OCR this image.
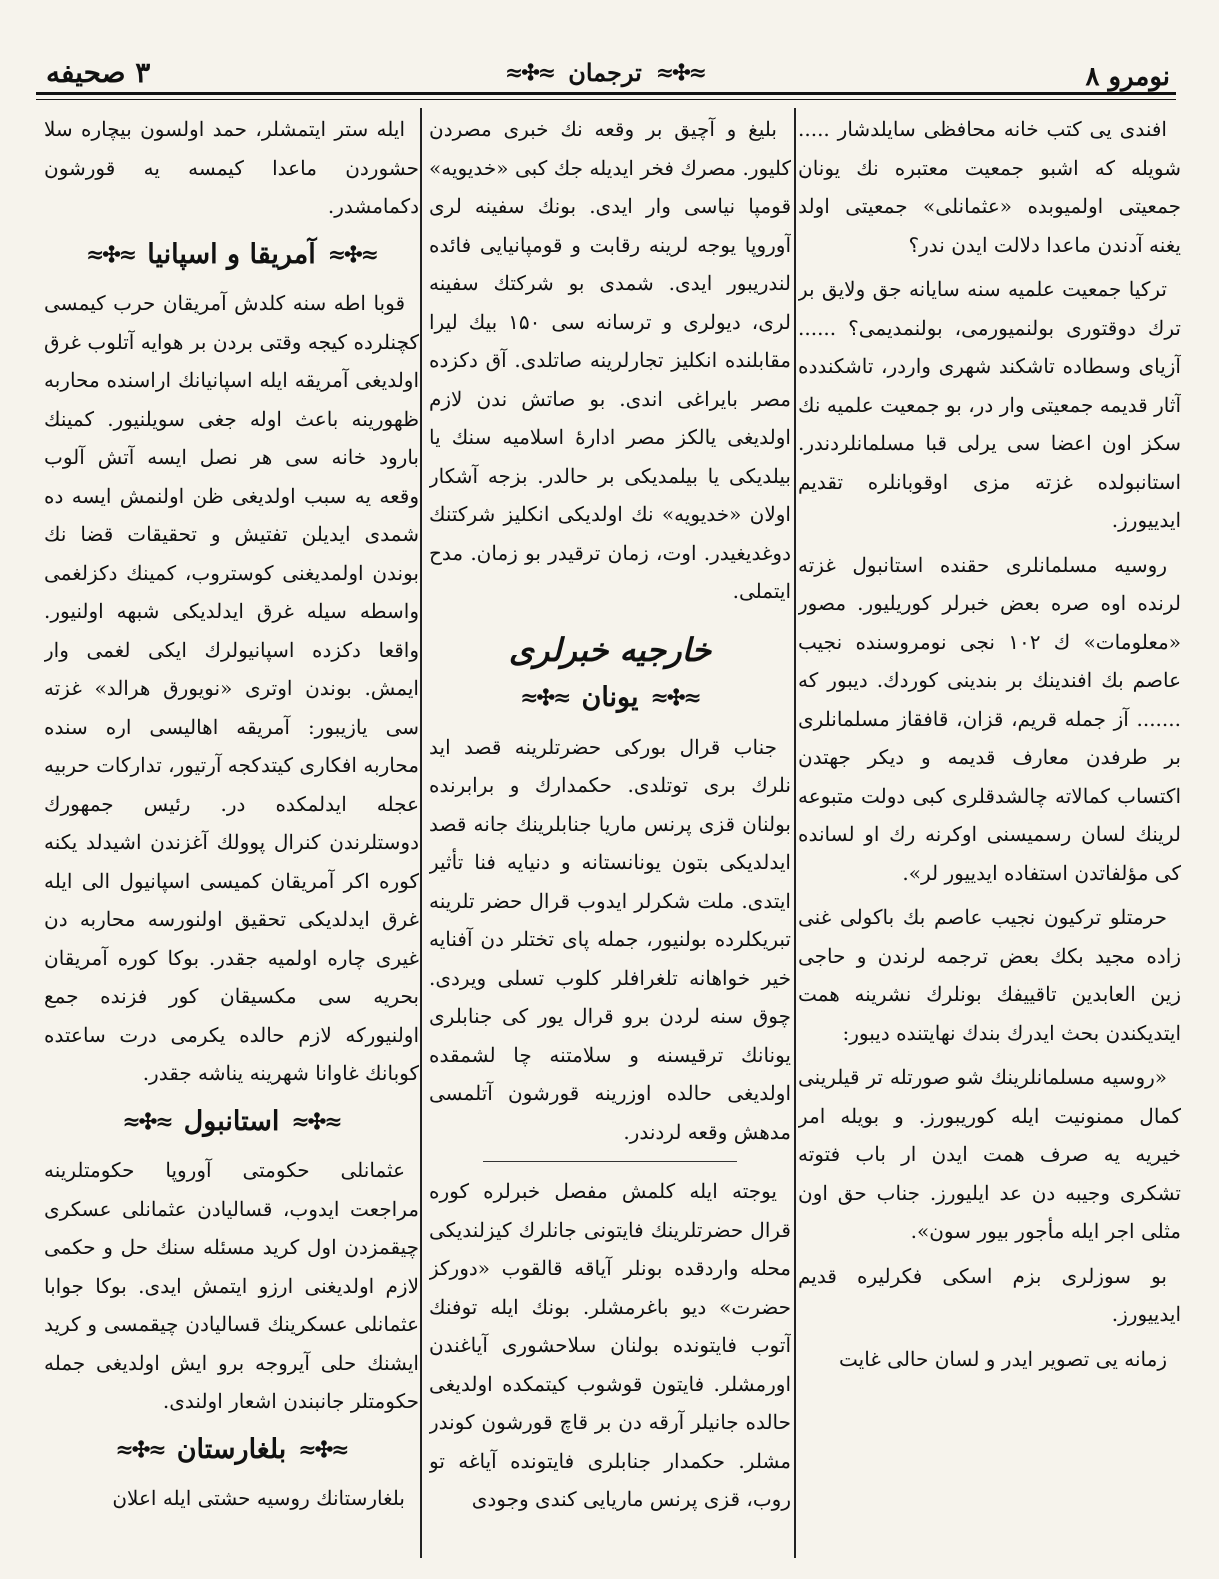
نومرو ۸
≈✣≈
ترجمان
≈✣≈
۳ صحيفه

افندی یی کتب خانه محافظی سایلدشار ..... شویله که اشبو جمعیت معتبره نك یونان جمعیتی اولمیوبده «عثمانلی» جمعیتی اولد یغنه آدندن ماعدا دلالت ایدن ندر؟

ترکیا جمعیت علمیه سنه سایانه جق ولایق بر ترك دوقتوری بولنمیورمی، بولنمد‌یمی؟ ...... آزیای وسطاده تاشکند شهری واردر، تاشکندده آثار قدیمه جمعیتی وار در، بو جمعیت علمیه نك سکز اون اعضا سی یرلی قبا مسلمانلردندر. استانبولده غزته مزی اوقوبانلره تقدیم ایدییورز.

روسیه مسلمانلری حقنده استانبول غزته لرنده اوه صره بعض خبرلر کوریلیور. مصور «معلومات» ك ۱۰۲ نجی نومروسنده نجیب عاصم بك افندینك بر بندینی کوردك. دیبور که ....... آز جمله قریم، قزان، قافقاز مسلمانلری بر طرفدن معارف قدیمه و دیکر جهتدن اکتساب کمالاته چالشدقلری کبی دولت متبوعه لرینك لسان رسمیسنی اوکرنه رك او لسانده کی مؤلفاتدن استفاده ایدییور لر».

حرمتلو ترکیون نجیب عاصم بك باکولی غنی زاده مجید بکك بعض ترجمه لرندن و حاجی زین العابدین تاقییفك بونلرك نشرینه همت ایتدیکندن بحث ایدرك بندك نهایتنده دیبور:

«روسیه مسلمانلرینك شو صورتله تر قیلرینی کمال ممنونیت ایله کوریبورز. و بویله امر خیریه یه صرف همت ایدن ار باب فتوته تشکری وجیبه دن عد ایلیورز. جناب حق اون مثلی اجر ایله مأجور بیور سون».

بو سوزلری بزم اسکی فکرلیره قدیم ایدییورز.

زمانه یی تصویر ایدر و لسان حالی غایت

بلیغ و آچیق بر وقعه نك خبری مصردن کلیور. مصرك فخر ایدیله جك کبی «خدیویه» قومپا نیاسی وار ایدی. بونك سفینه لری آوروپا یوجه لرینه رقابت و قومپانیایی فائده لندریبور ایدی. شمدی بو شرکتك سفینه لری، دیولری و ترسانه سی ۱۵۰ بیك لیرا مقابلنده انکلیز تجارلرینه صاتلدی. آق دکزده مصر بایراغی اندی. بو صاتش ندن لازم اولدیغی یالکز مصر ادارهٔ اسلامیه سنك یا بیلدیکی یا بیلمدیکی بر حالدر. بزجه آشکار اولان «خدیویه» نك اولدیکی انکلیز شرکتنك دوغدیغیدر. اوت، زمان ترقیدر بو زمان. مدح ایتملی.

خارجیه خبرلری
≈✣≈
یونان
≈✣≈

جناب قرال بورکی حضرتلرینه قصد اید نلرك بری توتلدی. حکمدارك و برابرنده بولنان قزی پرنس ماریا جنابلرینك جانه قصد ایدلدیکی بتون یونانستانه و دنیایه فنا تأثیر ایتدی. ملت شکرلر ایدوب قرال حضر تلرینه تبریکلرده بولنیور، جمله پای تختلر دن آفنایه خیر خواهانه تلغرافلر کلوب تسلی ویردی. چوق سنه لردن برو قرال یور کی جنابلری یونانك ترقیسنه و سلامتنه چا لشمقده اولدیغی حالده اوزرینه قورشون آتلمسی مدهش وقعه لردندر.

یوجته ایله کلمش مفصل خبرلره کوره قرال حضرتلرینك فایتونی جانلرك کیزلندیکی محله واردقده بونلر آیاقه قالقوب «دورکز حضرت» دیو باغرمشلر. بونك ایله توفنك آتوب فایتونده بولنان سلاحشوری آیاغندن اورمشلر. فایتون قوشوب کیتمکده اولدیغی حالده جانیلر آرقه دن بر قاچ قورشون کوندر مشلر. حکمدار جنابلری فایتونده آیاغه تو روب، قزی پرنس ماریایی کندی وجودی

ایله ستر ایتمشلر، حمد اولسون بیچاره سلا حشوردن ماعدا کیمسه یه قورشون دکمامشدر.

≈✣≈
آمریقا و اسپانیا
≈✣≈

قوبا اطه سنه کلدش آمریقان حرب کیمسی کچنلرده کیجه وقتی بردن بر هوایه آتلوب غرق اولدیغی آمریقه ایله اسپانیانك اراسنده محاربه ظهورینه باعث اوله جغی سویلنیور. کمینك بارود خانه سی هر نصل ایسه آتش آلوب وقعه یه سبب اولدیغی ظن اولنمش ایسه ده شمدی ایدیلن تفتیش و تحقیقات قضا نك بوندن اولمدیغنی کوستروب، کمینك دکزلغمی واسطه سیله غرق ایدلدیکی شبهه اولنیور. واقعا دکزده اسپانیولرك ایکی لغمی وار ایمش. بوندن اوتری «نویورق هرالد» غزته سی یازیبور: آمریقه اهالیسی اره سنده محاربه افکاری کیتدکجه آرتیور، تدارکات حربیه عجله ایدلمکده در. رئیس جمهورك دوستلرندن کنرال پوولك آغزندن اشیدلد یکنه کوره اکر آمریقان کمیسی اسپانیول الی ایله غرق ایدلدیکی تحقیق اولنورسه محاربه دن غیری چاره اولمیه جقدر. بوکا کوره آمریقان بحریه سی مکسیقان کور فزنده جمع اولنیورکه لازم حالده یکرمی درت ساعتده کوبانك غاوانا شهرینه یناشه جقدر.

≈✣≈
استانبول
≈✣≈

عثمانلی حکومتی آوروپا حکومتلرینه مراجعت ایدوب، قسالیادن عثمانلی عسکری چیقمزدن اول کرید مسئله سنك حل و حکمی لازم اولدیغنی ارزو ایتمش ایدی. بوکا جوابا عثمانلی عسکرینك قسالیادن چیقمسی و کرید ایشنك حلی آیروجه برو ایش اولدیغی جمله حکومتلر جانبندن اشعار اولندی.

≈✣≈
بلغارستان
≈✣≈

بلغارستانك روسیه حشتی ایله اعلان
